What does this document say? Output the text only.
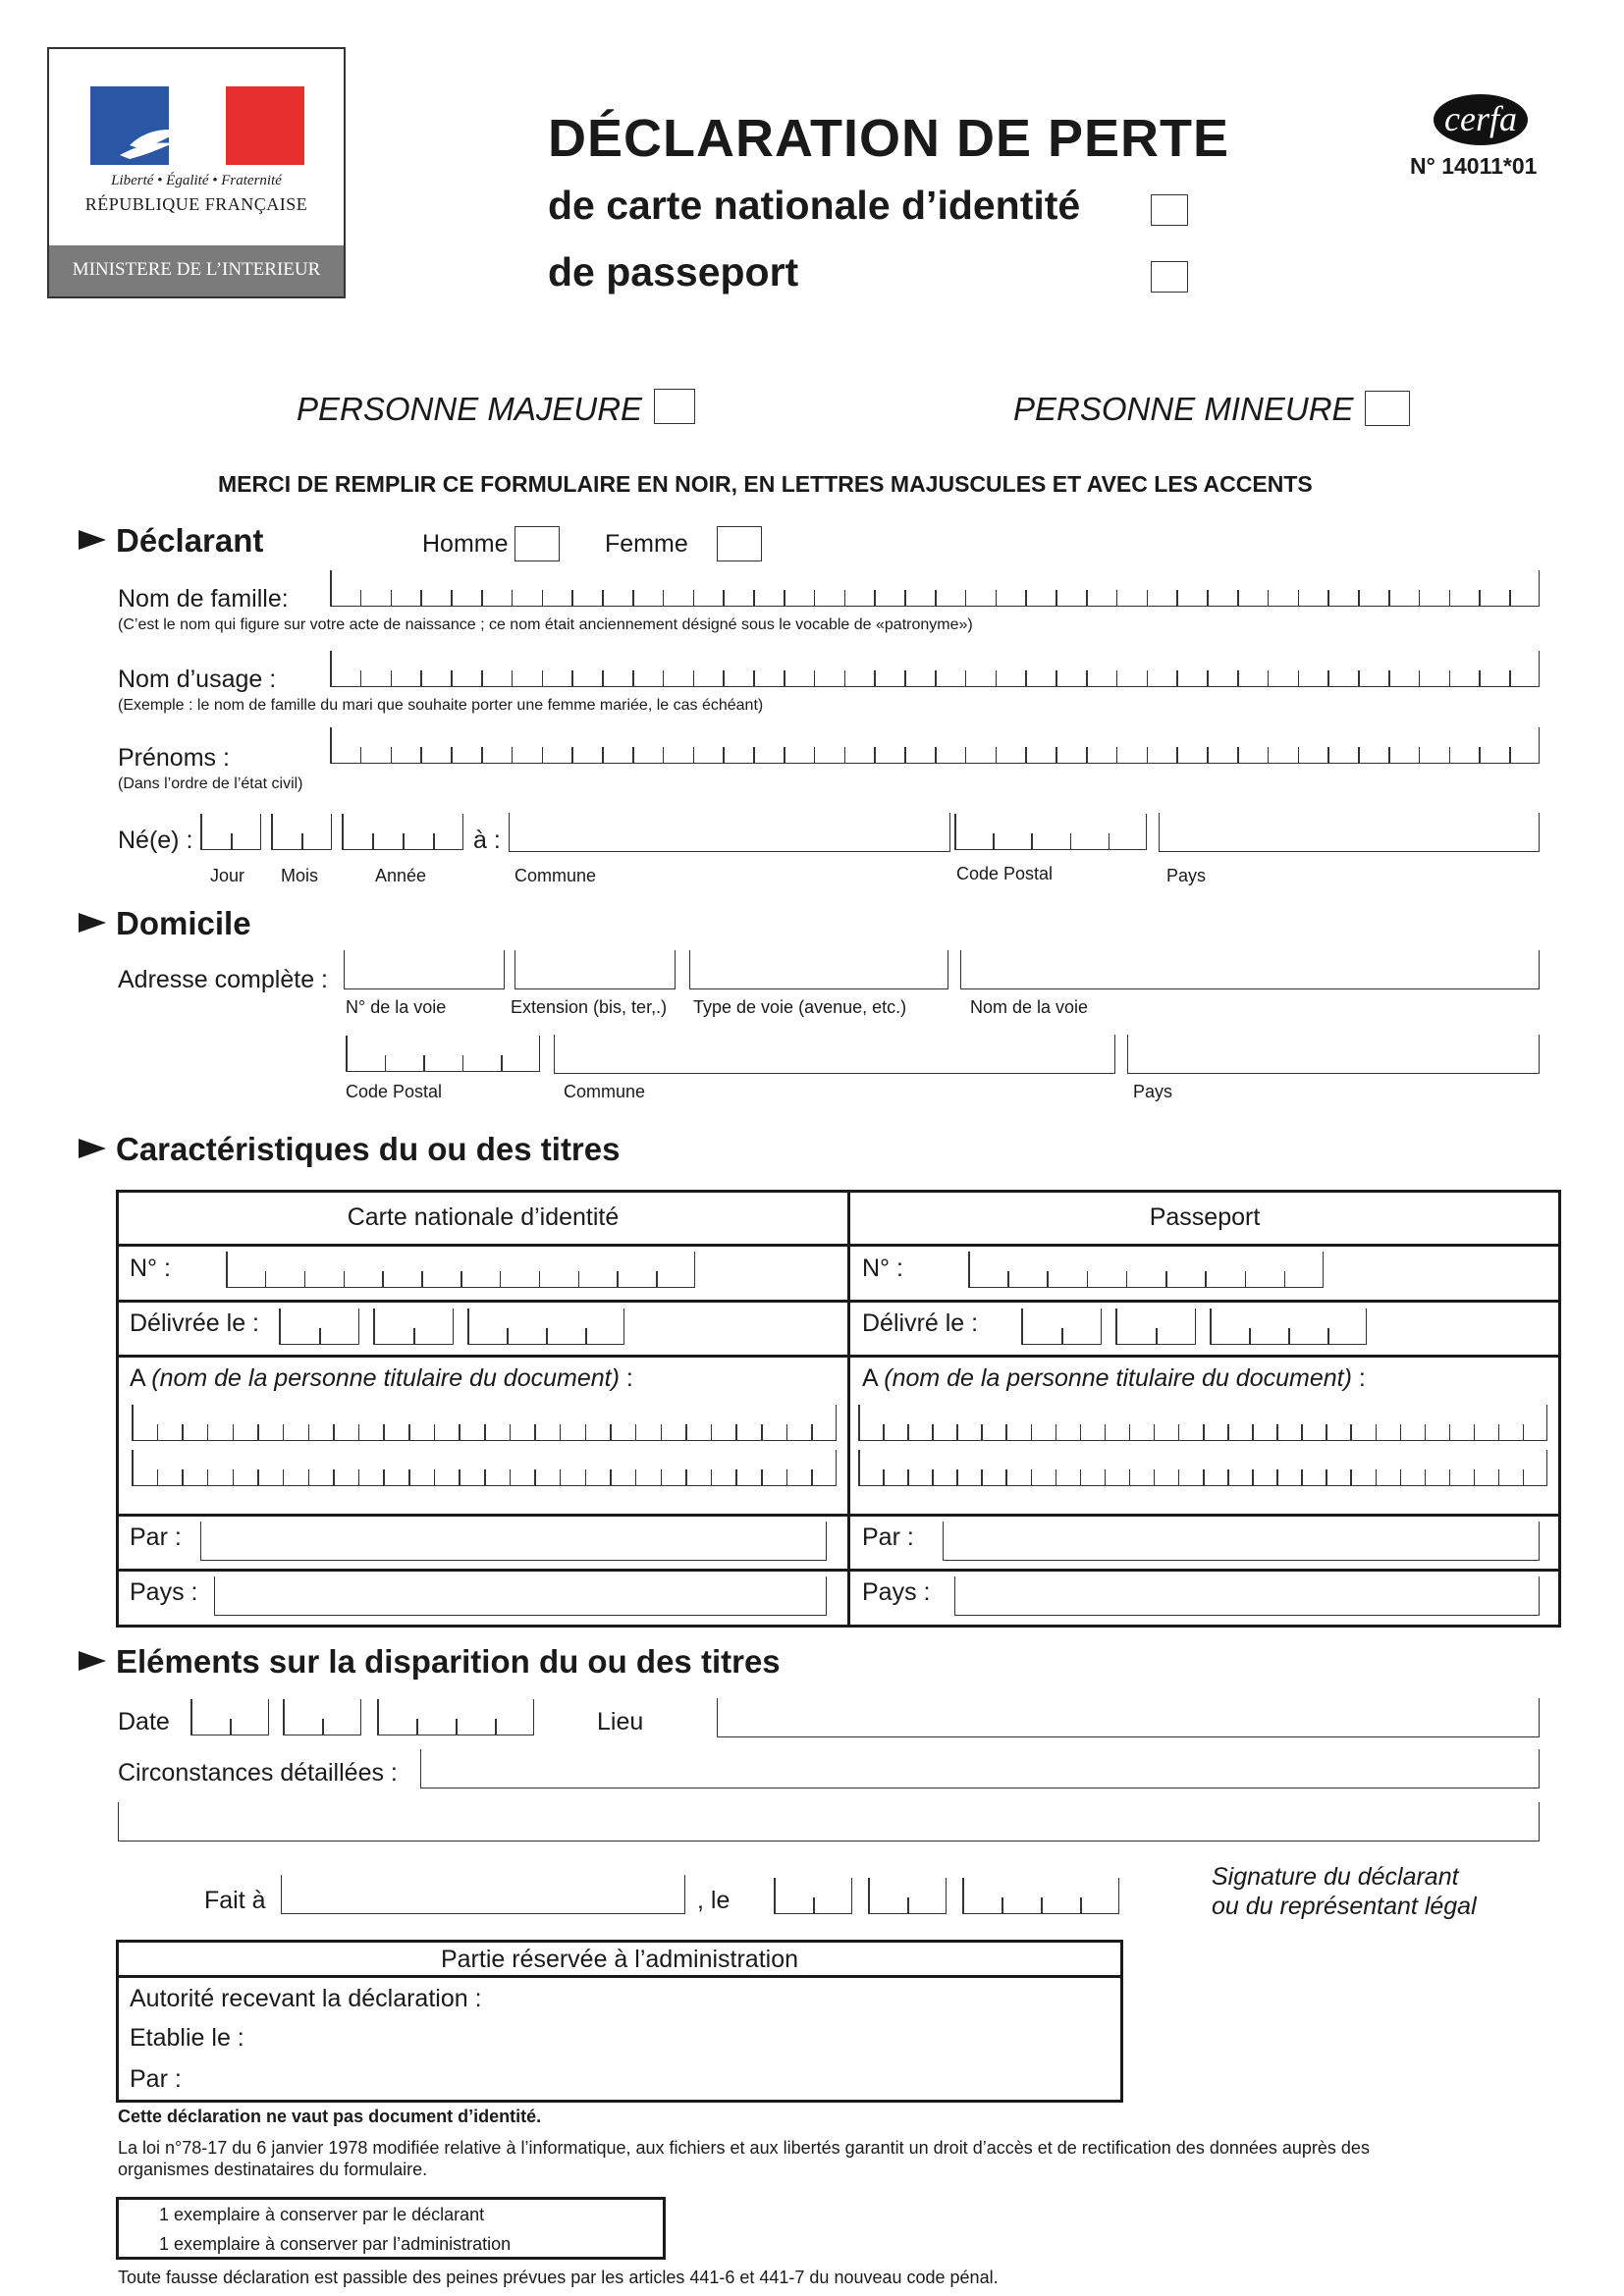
Liberté • Égalité • Fraternité
RÉPUBLIQUE FRANÇAISE
MINISTERE DE L’INTERIEUR
cerfa
N° 14011*01
DÉCLARATION DE PERTE
de carte nationale d’identité
de passeport
PERSONNE MAJEURE	PERSONNE MINEURE
MERCI DE REMPLIR CE FORMULAIRE EN NOIR, EN LETTRES MAJUSCULES ET AVEC LES ACCENTS
Déclarant	Homme	Femme
Nom de famille:
(C’est le nom qui figure sur votre acte de naissance ; ce nom était anciennement désigné sous le vocable de «patronyme»)
Nom d’usage :
(Exemple : le nom de famille du mari que souhaite porter une femme mariée, le cas échéant)
Prénoms :
(Dans l’ordre de l’état civil)
Né(e) :	à :
Jour Mois	Année	Commune	Code Postal	Pays
Domicile
Adresse complète :
N° de la voie	Extension (bis, ter,.) Type de voie (avenue, etc.)	Nom de la voie
Code Postal	Commune	Pays
Caractéristiques du ou des titres
Carte nationale d’identité	Passeport
N° :	N° :
Délivrée le :	Délivré le :
A (nom de la personne titulaire du document) :	A (nom de la personne titulaire du document) :
Par :	Par :
Pays :	Pays :
Eléments sur la disparition du ou des titres
Date	Lieu
Circonstances détaillées :
Fait à	, le
Signature du déclarant
ou du représentant légal
Partie réservée à l’administration
Autorité recevant la déclaration :
Etablie le :
Par :
Cette déclaration ne vaut pas document d’identité.
La loi n°78-17 du 6 janvier 1978 modifiée relative à l’informatique, aux fichiers et aux libertés garantit un droit d’accès et de rectification des données auprès des
organismes destinataires du formulaire.
1 exemplaire à conserver par le déclarant
1 exemplaire à conserver par l’administration
Toute fausse déclaration est passible des peines prévues par les articles 441-6 et 441-7 du nouveau code pénal.
